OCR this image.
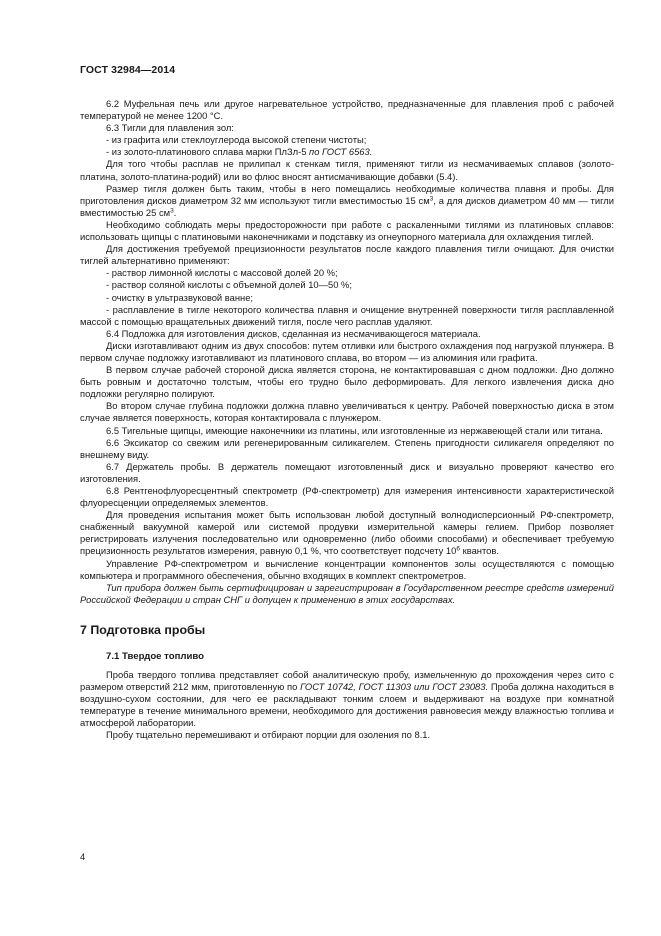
ГОСТ 32984—2014

6.2 Муфельная печь или другое нагревательное устройство, предназначенные для плавления проб с рабочей температурой не менее 1200 °С.

6.3 Тигли для плавления зол:

- из графита или стеклоуглерода высокой степени чистоты;

- из золото-платинового сплава марки ПлЗл-5 по ГОСТ 6563.

Для того чтобы расплав не прилипал к стенкам тигля, применяют тигли из несмачиваемых сплавов (золото-платина, золото-платина-родий) или во флюс вносят антисмачивающие добавки (5.4).

Размер тигля должен быть таким, чтобы в него помещались необходимые количества плавня и пробы. Для приготовления дисков диаметром 32 мм используют тигли вместимостью 15 $см^3$, а для дисков диаметром 40 мм — тигли вместимостью 25 $см^3$.

Необходимо соблюдать меры предосторожности при работе с раскаленными тиглями из платиновых сплавов: использовать щипцы с платиновыми наконечниками и подставку из огнеупорного материала для охлаждения тиглей.

Для достижения требуемой прецизионности результатов после каждого плавления тигли очищают. Для очистки тиглей альтернативно применяют:

- раствор лимонной кислоты с массовой долей 20 %;

- раствор соляной кислоты с объемной долей 10—50 %;

- очистку в ультразвуковой ванне;

- расплавление в тигле некоторого количества плавня и очищение внутренней поверхности тигля расплавленной массой с помощью вращательных движений тигля, после чего расплав удаляют.

6.4 Подложка для изготовления дисков, сделанная из несмачивающегося материала.

Диски изготавливают одним из двух способов: путем отливки или быстрого охлаждения под нагрузкой плунжера. В первом случае подложку изготавливают из платинового сплава, во втором — из алюминия или графита.

В первом случае рабочей стороной диска является сторона, не контактировавшая с дном подложки. Дно должно быть ровным и достаточно толстым, чтобы его трудно было деформировать. Для легкого извлечения диска дно подложки регулярно полируют.

Во втором случае глубина подложки должна плавно увеличиваться к центру. Рабочей поверхностью диска в этом случае является поверхность, которая контактировала с плунжером.

6.5 Тигельные щипцы, имеющие наконечники из платины, или изготовленные из нержавеющей стали или титана.

6.6 Эксикатор со свежим или регенерированным силикагелем. Степень пригодности силикагеля определяют по внешнему виду.

6.7 Держатель пробы. В держатель помещают изготовленный диск и визуально проверяют качество его изготовления.

6.8 Рентгенофлуоресцентный спектрометр (РФ-спектрометр) для измерения интенсивности характеристической флуоресценции определяемых элементов.

Для проведения испытания может быть использован любой доступный волнодисперсионный РФ-спектрометр, снабженный вакуумной камерой или системой продувки измерительной камеры гелием. Прибор позволяет регистрировать излучения последовательно или одновременно (либо обоими способами) и обеспечивает требуемую прецизионность результатов измерения, равную 0,1 %, что соответствует подсчету $10^6$ квантов.

Управление РФ-спектрометром и вычисление концентрации компонентов золы осуществляются с помощью компьютера и программного обеспечения, обычно входящих в комплект спектрометров.

Тип прибора должен быть сертифицирован и зарегистрирован в Государственном реестре средств измерений Российской Федерации и стран СНГ и допущен к применению в этих государствах.

7 Подготовка пробы
7.1 Твердое топливо

Проба твердого топлива представляет собой аналитическую пробу, измельченную до прохождения через сито с размером отверстий 212 мкм, приготовленную по ГОСТ 10742, ГОСТ 11303 или ГОСТ 23083. Проба должна находиться в воздушно-сухом состоянии, для чего ее раскладывают тонким слоем и выдерживают на воздухе при комнатной температуре в течение минимального времени, необходимого для достижения равновесия между влажностью топлива и атмосферой лаборатории.

Пробу тщательно перемешивают и отбирают порции для озоления по 8.1.

4
